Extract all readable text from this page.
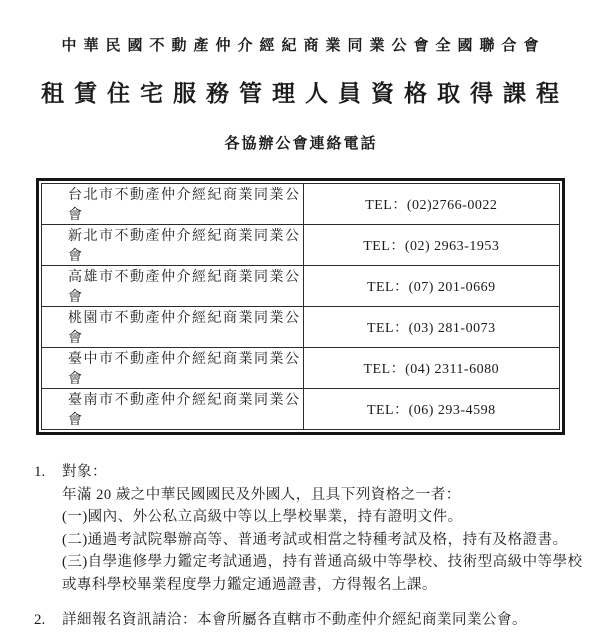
中華民國不動產仲介經紀商業同業公會全國聯合會
租賃住宅服務管理人員資格取得課程
各協辦公會連絡電話
台北市不動產仲介經紀商業同業公會	TEL：(02)2766-0022
新北市不動產仲介經紀商業同業公會	TEL：(02) 2963-1953
高雄市不動產仲介經紀商業同業公會	TEL：(07) 201-0669
桃園市不動產仲介經紀商業同業公會	TEL：(03) 281-0073
臺中市不動產仲介經紀商業同業公會	TEL：(04) 2311-6080
臺南市不動產仲介經紀商業同業公會	TEL：(06) 293-4598
1.	對象：
年滿 20 歲之中華民國國民及外國人，且具下列資格之一者：
(一)國內、外公私立高級中等以上學校畢業，持有證明文件。
(二)通過考試院舉辦高等、普通考試或相當之特種考試及格，持有及格證書。
(三)自學進修學力鑑定考試通過，持有普通高級中等學校、技術型高級中等學校
或專科學校畢業程度學力鑑定通過證書，方得報名上課。
2.	詳細報名資訊請洽：本會所屬各直轄市不動產仲介經紀商業同業公會。
